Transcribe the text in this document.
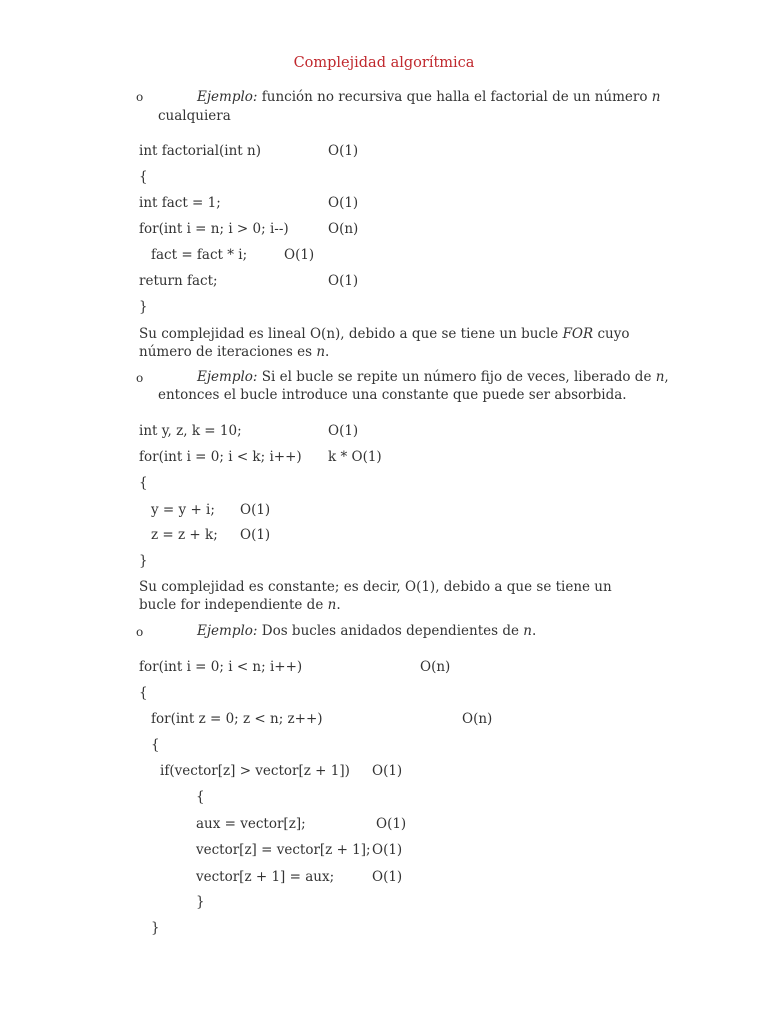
Complejidad algorítmica
o	Ejemplo: función no recursiva que halla el factorial de un número n
cualquiera
int factorial(int n)	O(1)
{
int fact = 1;	O(1)
for(int i = n; i > 0; i--)	O(n)
fact = fact * i;	O(1)
return fact;	O(1)
}
Su complejidad es lineal O(n), debido a que se tiene un bucle FOR cuyo número de iteraciones es n.
o	Ejemplo: Si el bucle se repite un número fijo de veces, liberado de n,
entonces el bucle introduce una constante que puede ser absorbida.
int y, z, k = 10;	O(1)
for(int i = 0; i < k; i++) k * O(1)
{
y = y + i; O(1)
z = z + k; O(1)
}
Su complejidad es constante; es decir, O(1), debido a que se tiene un bucle for independiente de n.
o	Ejemplo: Dos bucles anidados dependientes de n.
for(int i = 0; i < n; i++)	O(n)
{
for(int z = 0; z < n; z++)	O(n)
{
if(vector[z] > vector[z + 1]) O(1)
{
aux = vector[z];	O(1)
vector[z] = vector[z + 1]; O(1)
vector[z + 1] = aux;	O(1)
}
}
